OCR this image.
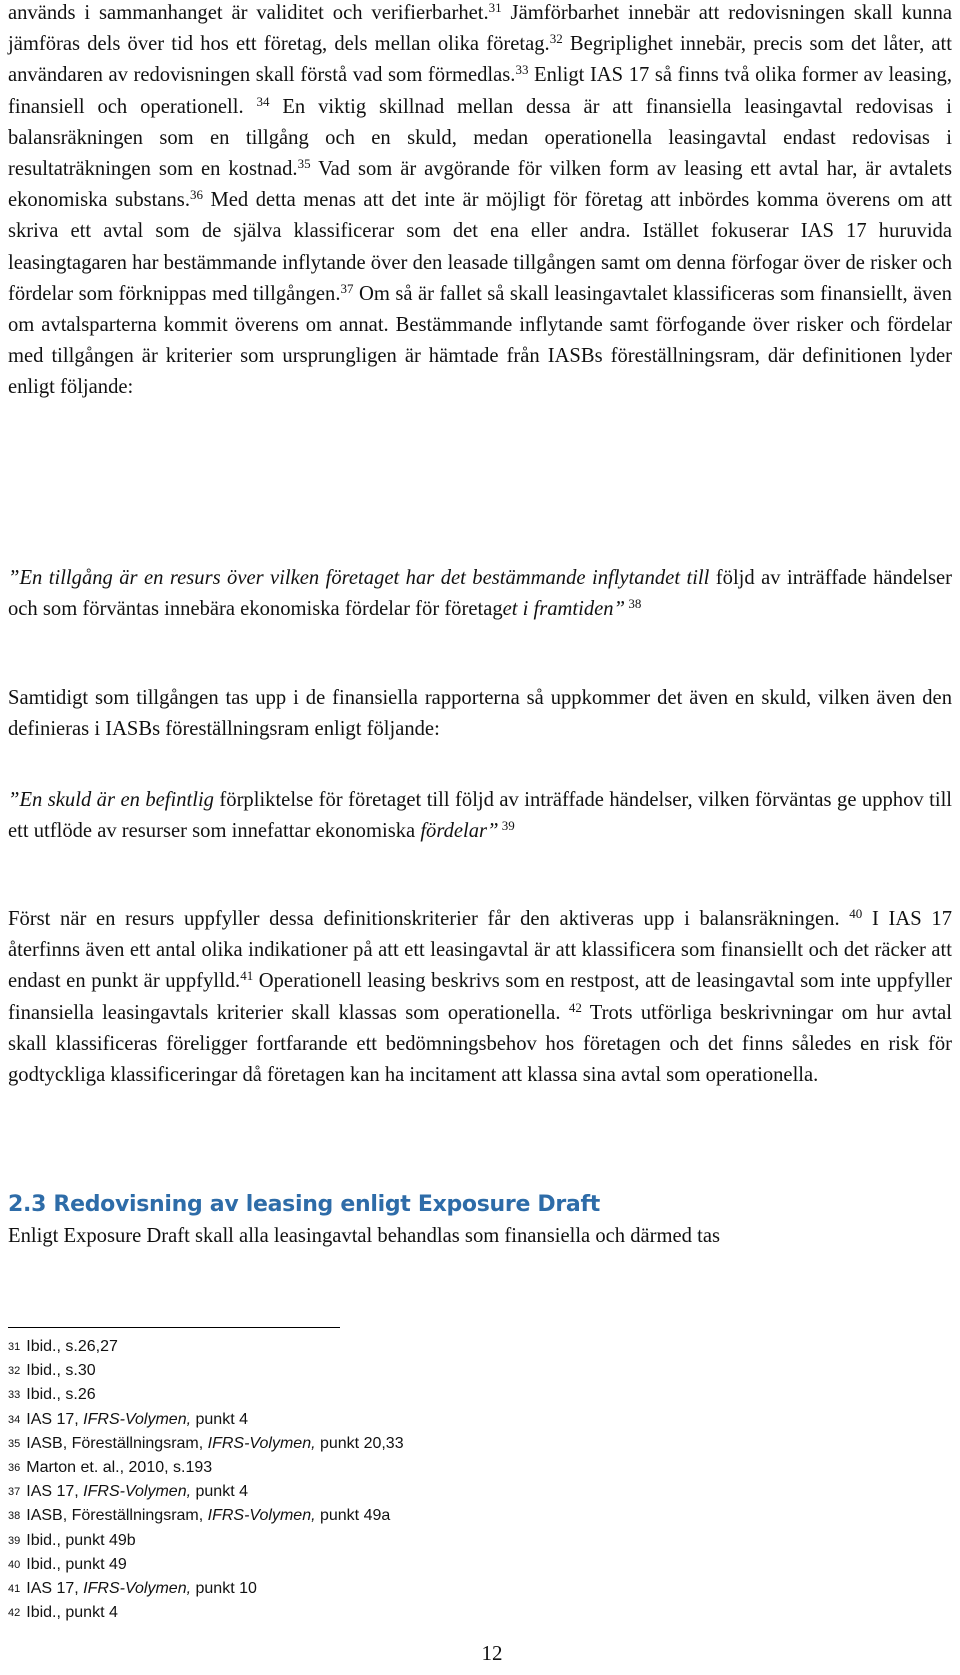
används i sammanhanget är validitet och verifierbarhet.$^{31}$ Jämförbarhet innebär att redovisningen skall kunna jämföras dels över tid hos ett företag, dels mellan olika företag.$^{32}$ Begriplighet innebär, precis som det låter, att användaren av redovisningen skall förstå vad som förmedlas.$^{33}$ Enligt IAS 17 så finns två olika former av leasing, finansiell och operationell. $^{34}$ En viktig skillnad mellan dessa är att finansiella leasingavtal redovisas i balansräkningen som en tillgång och en skuld, medan operationella leasingavtal endast redovisas i resultaträkningen som en kostnad.$^{35}$ Vad som är avgörande för vilken form av leasing ett avtal har, är avtalets ekonomiska substans.$^{36}$ Med detta menas att det inte är möjligt för företag att inbördes komma överens om att skriva ett avtal som de själva klassificerar som det ena eller andra. Istället fokuserar IAS 17 huruvida leasingtagaren har bestämmande inflytande över den leasade tillgången samt om denna förfogar över de risker och fördelar som förknippas med tillgången.$^{37}$ Om så är fallet så skall leasingavtalet klassificeras som finansiellt, även om avtalsparterna kommit överens om annat. Bestämmande inflytande samt förfogande över risker och fördelar med tillgången är kriterier som ursprungligen är hämtade från IASBs föreställningsram, där definitionen lyder enligt följande:

”En tillgång är en resurs över vilken företaget har det bestämmande inflytandet till följd av inträffade händelser och som förväntas innebära ekonomiska fördelar för företaget i framtiden” $^{38}$

Samtidigt som tillgången tas upp i de finansiella rapporterna så uppkommer det även en skuld, vilken även den definieras i IASBs föreställningsram enligt följande:

”En skuld är en befintlig förpliktelse för företaget till följd av inträffade händelser, vilken förväntas ge upphov till ett utflöde av resurser som innefattar ekonomiska fördelar” $^{39}$

Först när en resurs uppfyller dessa definitionskriterier får den aktiveras upp i balansräkningen. $^{40}$ I IAS 17 återfinns även ett antal olika indikationer på att ett leasingavtal är att klassificera som finansiellt och det räcker att endast en punkt är uppfylld.$^{41}$ Operationell leasing beskrivs som en restpost, att de leasingavtal som inte uppfyller finansiella leasingavtals kriterier skall klassas som operationella. $^{42}$ Trots utförliga beskrivningar om hur avtal skall klassificeras föreligger fortfarande ett bedömningsbehov hos företagen och det finns således en risk för godtyckliga klassificeringar då företagen kan ha incitament att klassa sina avtal som operationella.

Enligt Exposure Draft skall alla leasingavtal behandlas som finansiella och därmed tas

2.3 Redovisning av leasing enligt Exposure Draft
31 Ibid., s.26,27
32 Ibid., s.30
33 Ibid., s.26
34 IAS 17, IFRS-Volymen, punkt 4
35 IASB, Föreställningsram, IFRS-Volymen, punkt 20,33
36 Marton et. al., 2010, s.193
37 IAS 17, IFRS-Volymen, punkt 4
38 IASB, Föreställningsram, IFRS-Volymen, punkt 49a
39 Ibid., punkt 49b
40 Ibid., punkt 49
41 IAS 17, IFRS-Volymen, punkt 10
42 Ibid., punkt 4
12
